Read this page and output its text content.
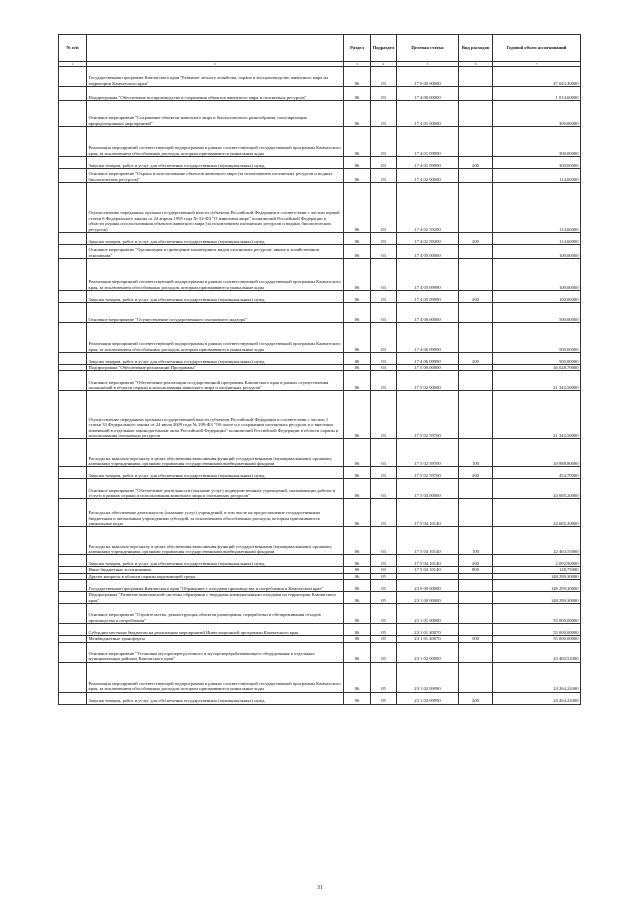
№ п/п		Раздел	Подраздел	Целевая статья	Вид расходов	Годовой объем ассигнований
1	2	3	4	5	6	7
	Государственная программа Камчатского края "Развитие лесного хозяйства, охрана и воспроизводство животного мира на территории Камчатского края"	06	03	17 0 00 00000		47 043,30000
	Подпрограмма "Обеспечение воспроизводства и сохранения объектов животного мира и охотничьих ресурсов"	06	03	17 4 00 00000		1 014,60000
	Основное мероприятие "Сохранение объектов животного мира и биологического разнообразия, популяризация природоохранных мероприятий"	06	03	17 4 01 00000		300,00000
	Реализация мероприятий соответствующей подпрограммы в рамках соответствующей государственной программы Камчатского края, за исключением обособленных расходов, которым присваиваются уникальные коды	06	03	17 4 01 09990		300,00000
	Закупка товаров, работ и услуг для обеспечения государственных (муниципальных) нужд	06	03	17 4 01 09990	200	300,00000
	Основное мероприятие "Охрана и использование объектов животного мира (за исключением охотничьих ресурсов и водных биологических ресурсов)"	06	03	17 4 02 00000		114,60000
	Осуществление переданных органам государственной власти субъектов Российской Федерации в соответствии с частью первой статьи 6 Федерального закона от 24 апреля 1995 года № 52-ФЗ "О животном мире" полномочий Российской Федерации в области охраны и использования объектов животного мира (за исключением охотничьих ресурсов и водных биологических ресурсов)	06	03	17 4 02 59200		114,60000
	Закупка товаров, работ и услуг для обеспечения государственных (муниципальных) нужд	06	03	17 4 02 59200	200	114,60000
	Основное мероприятие "Организация и проведение мониторинга видов охотничьих ресурсов, явных в хозяйственном отношении"	06	03	17 4 05 00000		100,00000
	Реализация мероприятий соответствующей подпрограммы в рамках соответствующей государственной программы Камчатского края, за исключением обособленных расходов, которым присваиваются уникальные коды	06	03	17 4 05 09990		100,00000
	Закупка товаров, работ и услуг для обеспечения государственных (муниципальных) нужд	06	03	17 4 05 09990	200	100,00000
	Основное мероприятие "Осуществление государственного охотничьего надзора"	06	03	17 4 06 00000		500,00000
	Реализация мероприятий соответствующей подпрограммы в рамках соответствующей государственной программы Камчатского края, за исключением обособленных расходов, которым присваиваются уникальные коды	06	03	17 4 06 09990		500,00000
	Закупка товаров, работ и услуг для обеспечения государственных (муниципальных) нужд	06	03	17 4 06 09990	200	500,00000
	Подпрограмма "Обеспечение реализации Программы"	06	03	17 5 00 00000		46 028,70000
	Основное мероприятие "Обеспечение реализации государственной программы Камчатского края в рамках осуществления полномочий в области охраны и использования животного мира и охотничьих ресурсов"	06	03	17 5 02 00000		21 343,50000
	Осуществление переданных органам государственной власти субъектов Российской Федерации в соответствии с частью 1 статьи 33 Федерального закона от 24 июля 2009 года № 209-ФЗ "Об охоте и о сохранении охотничьих ресурсов и о внесении изменений в отдельные законодательные акты Российской Федерации" полномочий Российской Федерации в области охраны и использования охотничьих ресурсов	06	03	17 5 02 59700		21 343,50000
	Расходы на выплаты персоналу в целях обеспечения выполнения функций государственными (муниципальными) органами, казенными учреждениями, органами управления государственными внебюджетными фондами	06	03	17 5 02 59700	100	20 888,80000
	Закупка товаров, работ и услуг для обеспечения государственных (муниципальных) нужд	06	03	17 5 02 59700	200	454,70000
	Основное мероприятие "Обеспечение деятельности (оказание услуг) подведомственных учреждений, оказывающих работы и услуги в рамках охраны и использования животного мира и охотничьих ресурсов"	06	03	17 5 04 00000		24 685,20000
	Расходы на обеспечение деятельности (оказание услуг) учреждений, в том числе на предоставление государственным бюджетным и автономным учреждениям субсидий, за исключением обособленных расходов, которым присваиваются уникальные коды	06	03	17 5 04 10140		24 685,20000
	Расходы на выплаты персоналу в целях обеспечения выполнения функций государственными (муниципальными) органами, казенными учреждениями, органами управления государственными внебюджетными фондами	06	03	17 5 04 10140	100	22 463,55000
	Закупка товаров, работ и услуг для обеспечения государственных (муниципальных) нужд	06	03	17 5 04 10140	200	2 092,90000
	Иные бюджетные ассигнования	06	03	17 5 04 10140	800	128,75000
	Другие вопросы в области охраны окружающей среды	06	05			148 299,30000
	Государственная программа Камчатского края "Обращение с отходами производства и потребления в Камчатском крае"	06	05	23 0 00 00000		148 299,30000
	Подпрограмма "Развитие комплексной системы обращения с твердыми коммунальными отходами на территории Камчатского края"	06	05	23 1 00 00000		148 299,30000
	Основное мероприятие "Строительство, реконструкция объектов размещения, переработки и обезвреживания отходов производства и потребления"	06	05	23 1 01 00000		55 000,00000
	Субсидии местным бюджетам на реализацию мероприятий Инвестиционной программы Камчатского края	06	05	23 1 01 40070		55 000,00000
	Межбюджетные трансферты	06	05	23 1 01 40070	500	55 000,00000
	Основное мероприятие "Установка мусороперегрузочного и мусороперерабатывающего оборудования в отдельных муниципальных районах Камчатского края"	06	05	23 1 02 00000		43 463,54300
	Реализация мероприятий соответствующей подпрограммы в рамках соответствующей государственной программы Камчатского края, за исключением обособленных расходов, которым присваиваются уникальные коды	06	05	23 1 02 09990		24 264,24300
	Закупка товаров, работ и услуг для обеспечения государственных (муниципальных) нужд	06	05	23 1 02 09990	200	24 264,24300
31
